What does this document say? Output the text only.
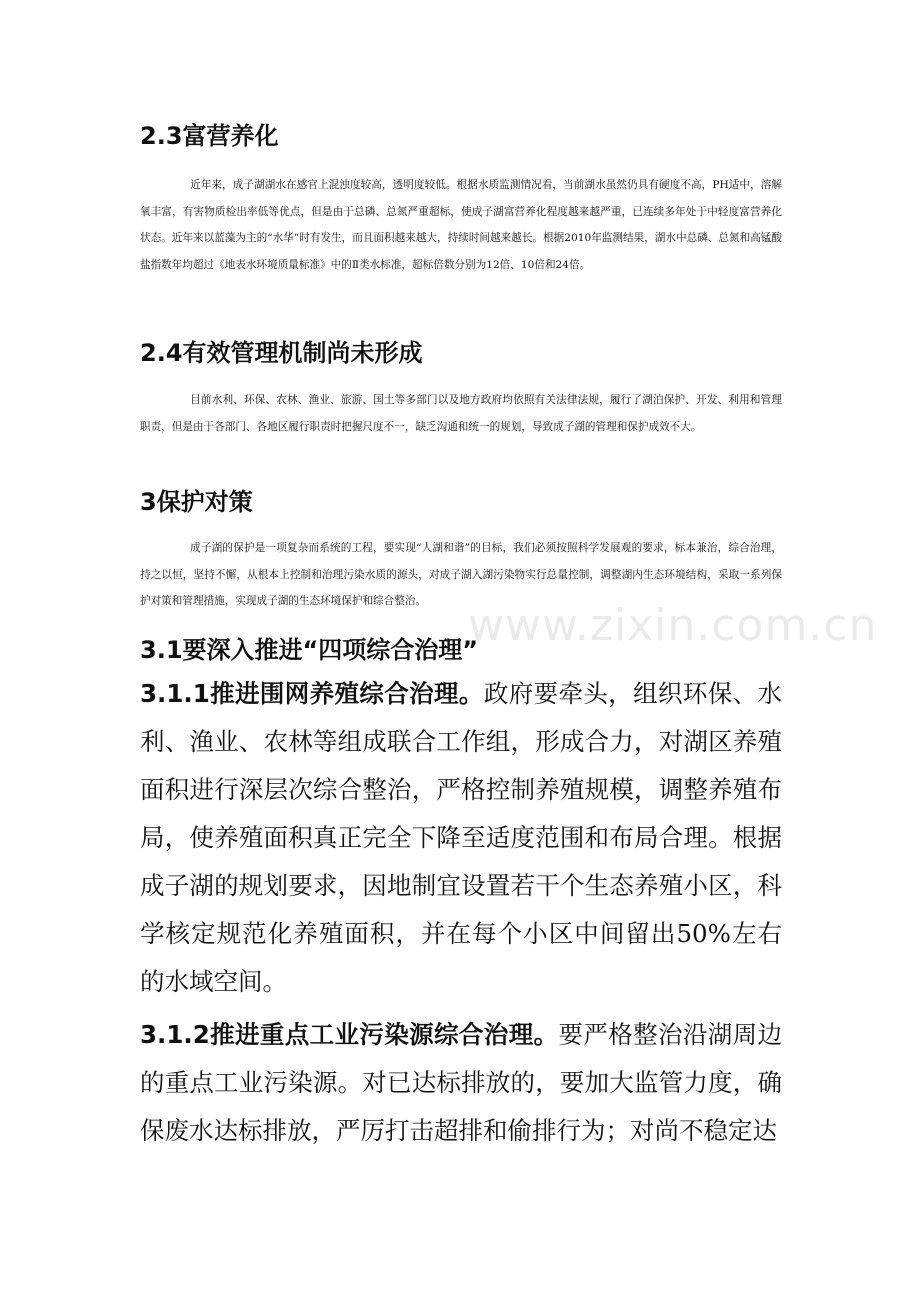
www.zixin.com.cn
2.3富营养化

近年来，成子湖湖水在感官上混浊度较高，透明度较低。根据水质监测情况看，当前湖水虽然仍具有硬度不高，PH适中，溶解氧丰富，有害物质检出率低等优点，但是由于总磷、总氮严重超标，使成子湖富营养化程度越来越严重，已连续多年处于中轻度富营养化状态。近年来以蓝藻为主的“水华”时有发生，而且面积越来越大，持续时间越来越长。根据2010年监测结果，湖水中总磷、总氮和高锰酸盐指数年均超过《地表水环境质量标准》中的Ⅱ类水标准，超标倍数分别为12倍、10倍和24倍。

2.4有效管理机制尚未形成

目前水利、环保、农林、渔业、旅游、国土等多部门以及地方政府均依照有关法律法规，履行了湖泊保护、开发、利用和管理职责，但是由于各部门、各地区履行职责时把握尺度不一，缺乏沟通和统一的规划，导致成子湖的管理和保护成效不大。

3保护对策

成子湖的保护是一项复杂而系统的工程，要实现“人湖和谐”的目标，我们必须按照科学发展观的要求，标本兼治，综合治理，持之以恒，坚持不懈，从根本上控制和治理污染水质的源头，对成子湖入湖污染物实行总量控制，调整湖内生态环境结构，采取一系列保护对策和管理措施，实现成子湖的生态环境保护和综合整治。

3.1要深入推进“四项综合治理”

3.1.1推进围网养殖综合治理。政府要牵头，组织环保、水利、渔业、农林等组成联合工作组，形成合力，对湖区养殖面积进行深层次综合整治，严格控制养殖规模，调整养殖布局，使养殖面积真正完全下降至适度范围和布局合理。根据成子湖的规划要求，因地制宜设置若干个生态养殖小区，科学核定规范化养殖面积，并在每个小区中间留出50%左右的水域空间。

3.1.2推进重点工业污染源综合治理。要严格整治沿湖周边的重点工业污染源。对已达标排放的，要加大监管力度，确保废水达标排放，严厉打击超排和偷排行为；对尚不稳定达
